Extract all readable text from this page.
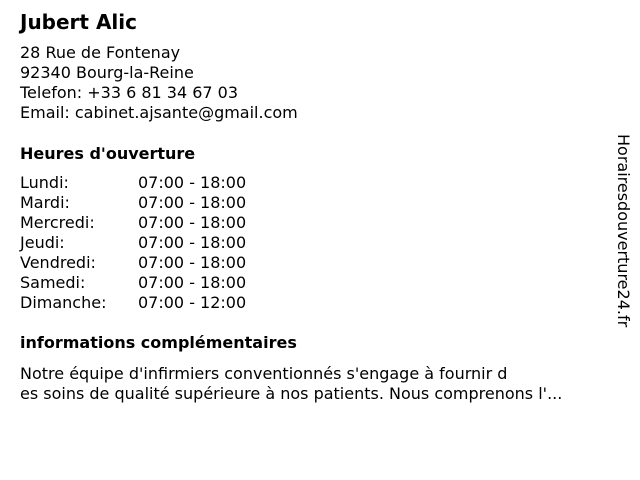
Jubert Alic
28 Rue de Fontenay
92340 Bourg-la-Reine
Telefon: +33 6 81 34 67 03
Email: cabinet.ajsante@gmail.com
Heures d'ouverture
Lundi:	07:00 - 18:00
Mardi:	07:00 - 18:00
Mercredi:	07:00 - 18:00
Jeudi:	07:00 - 18:00
Vendredi:	07:00 - 18:00
Samedi:	07:00 - 18:00
Dimanche:	07:00 - 12:00
informations complémentaires
Notre équipe d'infirmiers conventionnés s'engage à fournir d
es soins de qualité supérieure à nos patients. Nous comprenons l'...
Horairesdouverture24.fr
